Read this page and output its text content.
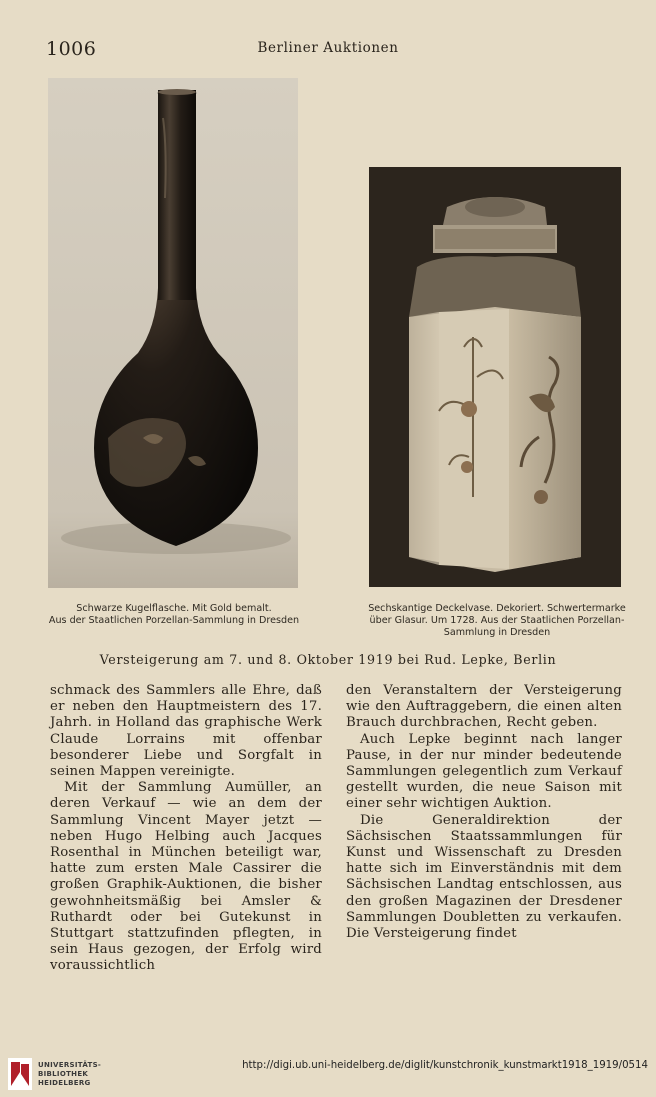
1006	Berliner Auktionen
Schwarze Kugelflasche. Mit Gold bemalt.
Aus der Staatlichen Porzellan-Sammlung in Dresden
Sechskantige Deckelvase. Dekoriert. Schwertermarke
über Glasur. Um 1728. Aus der Staatlichen Porzellan-
Sammlung in Dresden
Versteigerung am 7. und 8. Oktober 1919 bei Rud. Lepke, Berlin

schmack des Sammlers alle Ehre, daß er neben den Hauptmeistern des 17. Jahrh. in Holland das graphische Werk Claude Lorrains mit offenbar besonderer Liebe und Sorgfalt in seinen Mappen vereinigte.

Mit der Sammlung Aumüller, an deren Verkauf — wie an dem der Sammlung Vincent Mayer jetzt — neben Hugo Helbing auch Jacques Rosenthal in München beteiligt war, hatte zum ersten Male Cassirer die großen Graphik-Auktionen, die bisher gewohnheitsmäßig bei Amsler & Ruthardt oder bei Gutekunst in Stuttgart stattzufinden pflegten, in sein Haus gezogen, der Erfolg wird voraussichtlich

den Veranstaltern der Versteigerung wie den Auftraggebern, die einen alten Brauch durchbrachen, Recht geben.

Auch Lepke beginnt nach langer Pause, in der nur minder bedeutende Sammlungen gelegentlich zum Verkauf gestellt wurden, die neue Saison mit einer sehr wichtigen Auktion.

Die Generaldirektion der Sächsischen Staatssammlungen für Kunst und Wissenschaft zu Dresden hatte sich im Einverständnis mit dem Sächsischen Landtag entschlossen, aus den großen Magazinen der Dresdener Sammlungen Doubletten zu verkaufen. Die Versteigerung findet

UNIVERSITÄTS-BIBLIOTHEK HEIDELBERG
http://digi.ub.uni-heidelberg.de/diglit/kunstchronik_kunstmarkt1918_1919/0514
